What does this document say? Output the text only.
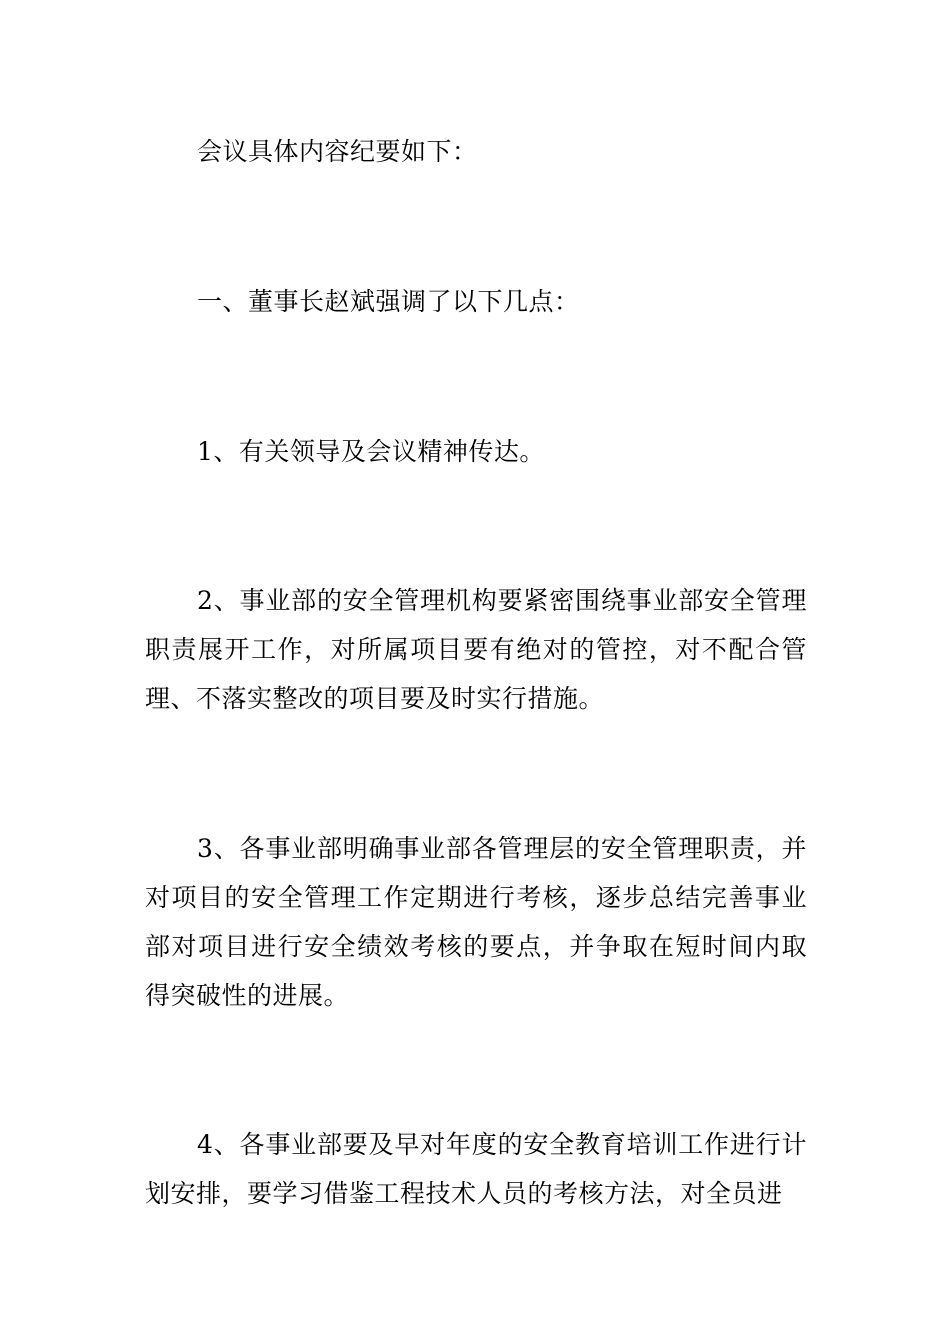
会议具体内容纪要如下：

一、董事长赵斌强调了以下几点：

1、有关领导及会议精神传达。

2、事业部的安全管理机构要紧密围绕事业部安全管理职责展开工作，对所属项目要有绝对的管控，对不配合管理、不落实整改的项目要及时实行措施。

3、各事业部明确事业部各管理层的安全管理职责，并对项目的安全管理工作定期进行考核，逐步总结完善事业部对项目进行安全绩效考核的要点，并争取在短时间内取得突破性的进展。

4、各事业部要及早对年度的安全教育培训工作进行计划安排，要学习借鉴工程技术人员的考核方法，对全员进
